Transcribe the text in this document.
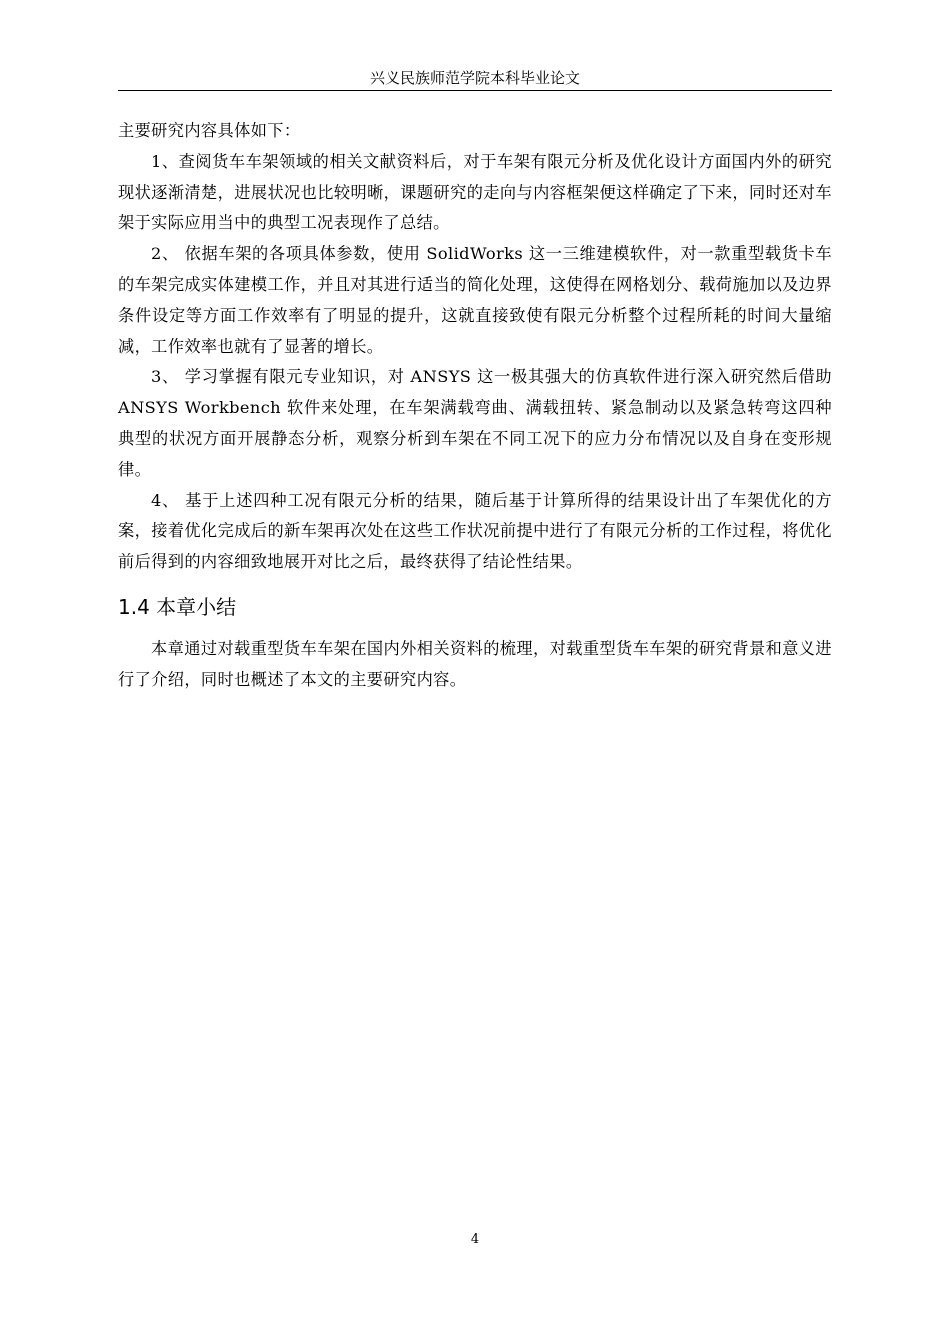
兴义民族师范学院本科毕业论文

主要研究内容具体如下：

1、查阅货车车架领域的相关文献资料后，对于车架有限元分析及优化设计方面国内外的研究现状逐渐清楚，进展状况也比较明晰，课题研究的走向与内容框架便这样确定了下来，同时还对车架于实际应用当中的典型工况表现作了总结。

2、 依据车架的各项具体参数，使用 SolidWorks 这一三维建模软件，对一款重型载货卡车的车架完成实体建模工作，并且对其进行适当的简化处理，这使得在网格划分、载荷施加以及边界条件设定等方面工作效率有了明显的提升，这就直接致使有限元分析整个过程所耗的时间大量缩减，工作效率也就有了显著的增长。

3、 学习掌握有限元专业知识，对 ANSYS 这一极其强大的仿真软件进行深入研究然后借助 ANSYS Workbench 软件来处理，在车架满载弯曲、满载扭转、紧急制动以及紧急转弯这四种典型的状况方面开展静态分析，观察分析到车架在不同工况下的应力分布情况以及自身在变形规律。

4、 基于上述四种工况有限元分析的结果，随后基于计算所得的结果设计出了车架优化的方案，接着优化完成后的新车架再次处在这些工作状况前提中进行了有限元分析的工作过程，将优化前后得到的内容细致地展开对比之后，最终获得了结论性结果。

1.4 本章小结

本章通过对载重型货车车架在国内外相关资料的梳理，对载重型货车车架的研究背景和意义进行了介绍，同时也概述了本文的主要研究内容。

4
